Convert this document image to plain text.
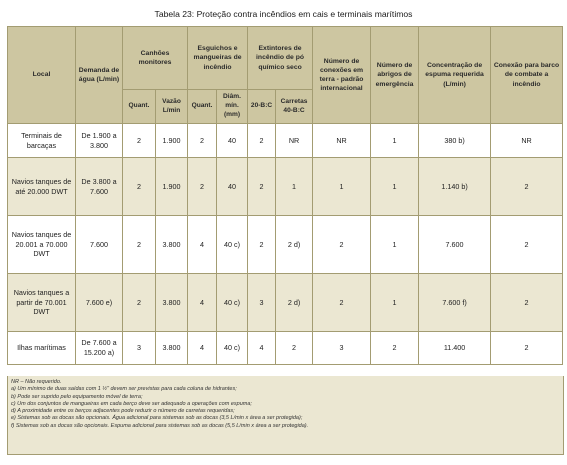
Tabela 23: Proteção contra incêndios em cais e terminais marítimos
Local	Demanda de água (L/min)	Canhões monitores		Esguichos e mangueiras de incêndio		Extintores de incêndio de pó químico seco		Número de conexões em terra - padrão internacional	Número de abrigos de emergência	Concentração de espuma requerida (L/min)	Conexão para barco de combate a incêndio
		Quant.	Vazão L/min	Quant.	Diâm. mín. (mm)	20-B:C	Carretas 40-B:C				
Terminais de barcaças	De 1.900 a 3.800	2	1.900	2	40	2	NR	NR	1	380 b)	NR
Navios tanques de até 20.000 DWT	De 3.800 a 7.600	2	1.900	2	40	2	1	1	1	1.140 b)	2
Navios tanques de 20.001 a 70.000 DWT	7.600	2	3.800	4	40 c)	2	2 d)	2	1	7.600	2
Navios tanques a partir de 70.001 DWT	7.600 e)	2	3.800	4	40 c)	3	2 d)	2	1	7.600 f)	2
Ilhas marítimas	De 7.600 a 15.200 a)	3	3.800	4	40 c)	4	2	3	2	11.400	2
NR – Não requerido.
a) Um mínimo de duas saídas com 1 ½" devem ser previstas para cada coluna de hidrantes;
b) Pode ser suprido pelo equipamento móvel de terra;
c) Um dos conjuntos de mangueiras em cada berço deve ser adequado a operações com espuma;
d) A proximidade entre os berços adjacentes pode reduzir o número de carretas requeridas;
e) Sistemas sob as docas são opcionais. Água adicional para sistemas sob as docas (3,5 L/min x área a ser protegida);
f) Sistemas sob as docas são opcionais. Espuma adicional para sistemas sob as docas (5,5 L/min x área a ser protegida).
